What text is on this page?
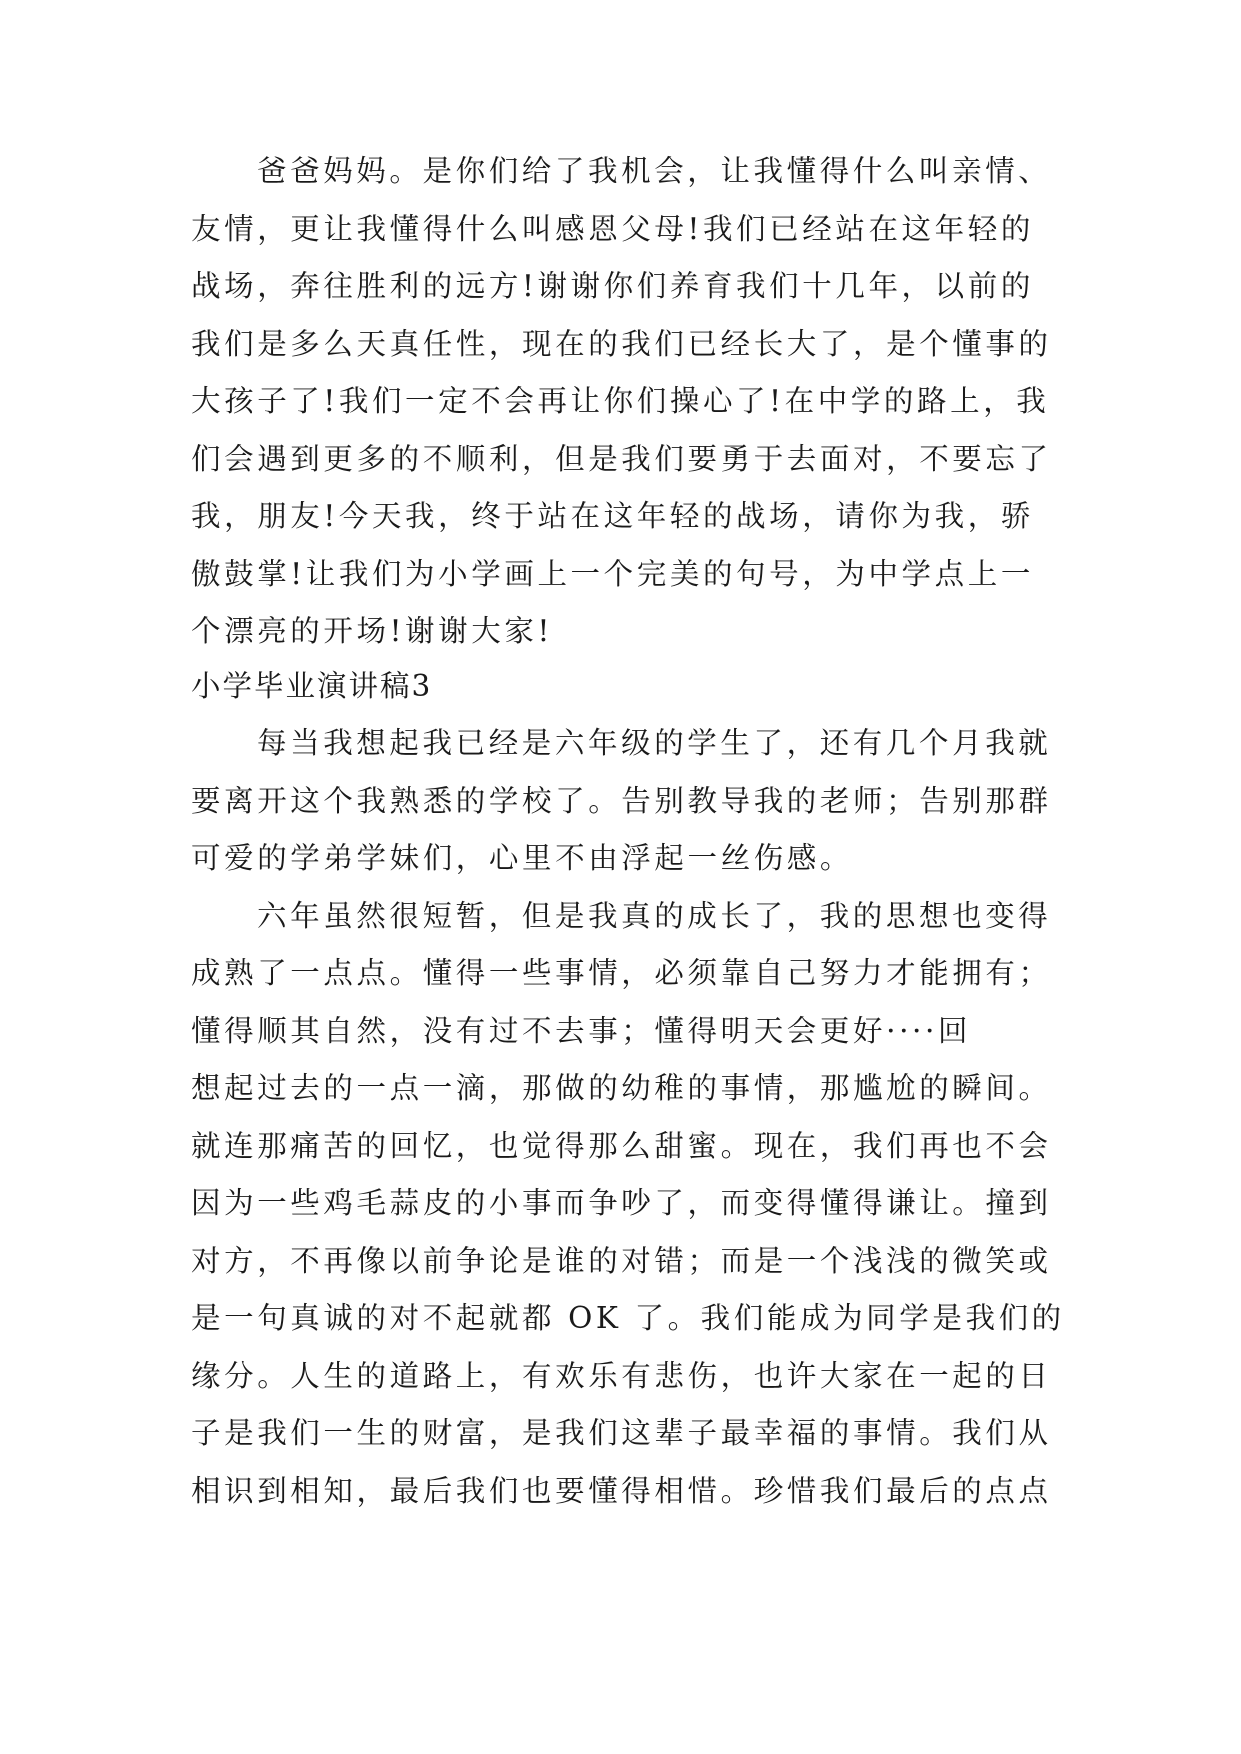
爸爸妈妈。是你们给了我机会，让我懂得什么叫亲情、
友情，更让我懂得什么叫感恩父母!我们已经站在这年轻的
战场，奔往胜利的远方!谢谢你们养育我们十几年，以前的
我们是多么天真任性，现在的我们已经长大了，是个懂事的
大孩子了!我们一定不会再让你们操心了!在中学的路上，我
们会遇到更多的不顺利，但是我们要勇于去面对，不要忘了
我，朋友!今天我，终于站在这年轻的战场，请你为我，骄
傲鼓掌!让我们为小学画上一个完美的句号，为中学点上一
个漂亮的开场!谢谢大家!
小学毕业演讲稿3
每当我想起我已经是六年级的学生了，还有几个月我就
要离开这个我熟悉的学校了。告别教导我的老师；告别那群
可爱的学弟学妹们，心里不由浮起一丝伤感。
六年虽然很短暂，但是我真的成长了，我的思想也变得
成熟了一点点。懂得一些事情，必须靠自己努力才能拥有；
懂得顺其自然，没有过不去事；懂得明天会更好····回
想起过去的一点一滴，那做的幼稚的事情，那尴尬的瞬间。
就连那痛苦的回忆，也觉得那么甜蜜。现在，我们再也不会
因为一些鸡毛蒜皮的小事而争吵了，而变得懂得谦让。撞到
对方，不再像以前争论是谁的对错；而是一个浅浅的微笑或
是一句真诚的对不起就都 OK 了。我们能成为同学是我们的
缘分。人生的道路上，有欢乐有悲伤，也许大家在一起的日
子是我们一生的财富，是我们这辈子最幸福的事情。我们从
相识到相知，最后我们也要懂得相惜。珍惜我们最后的点点
